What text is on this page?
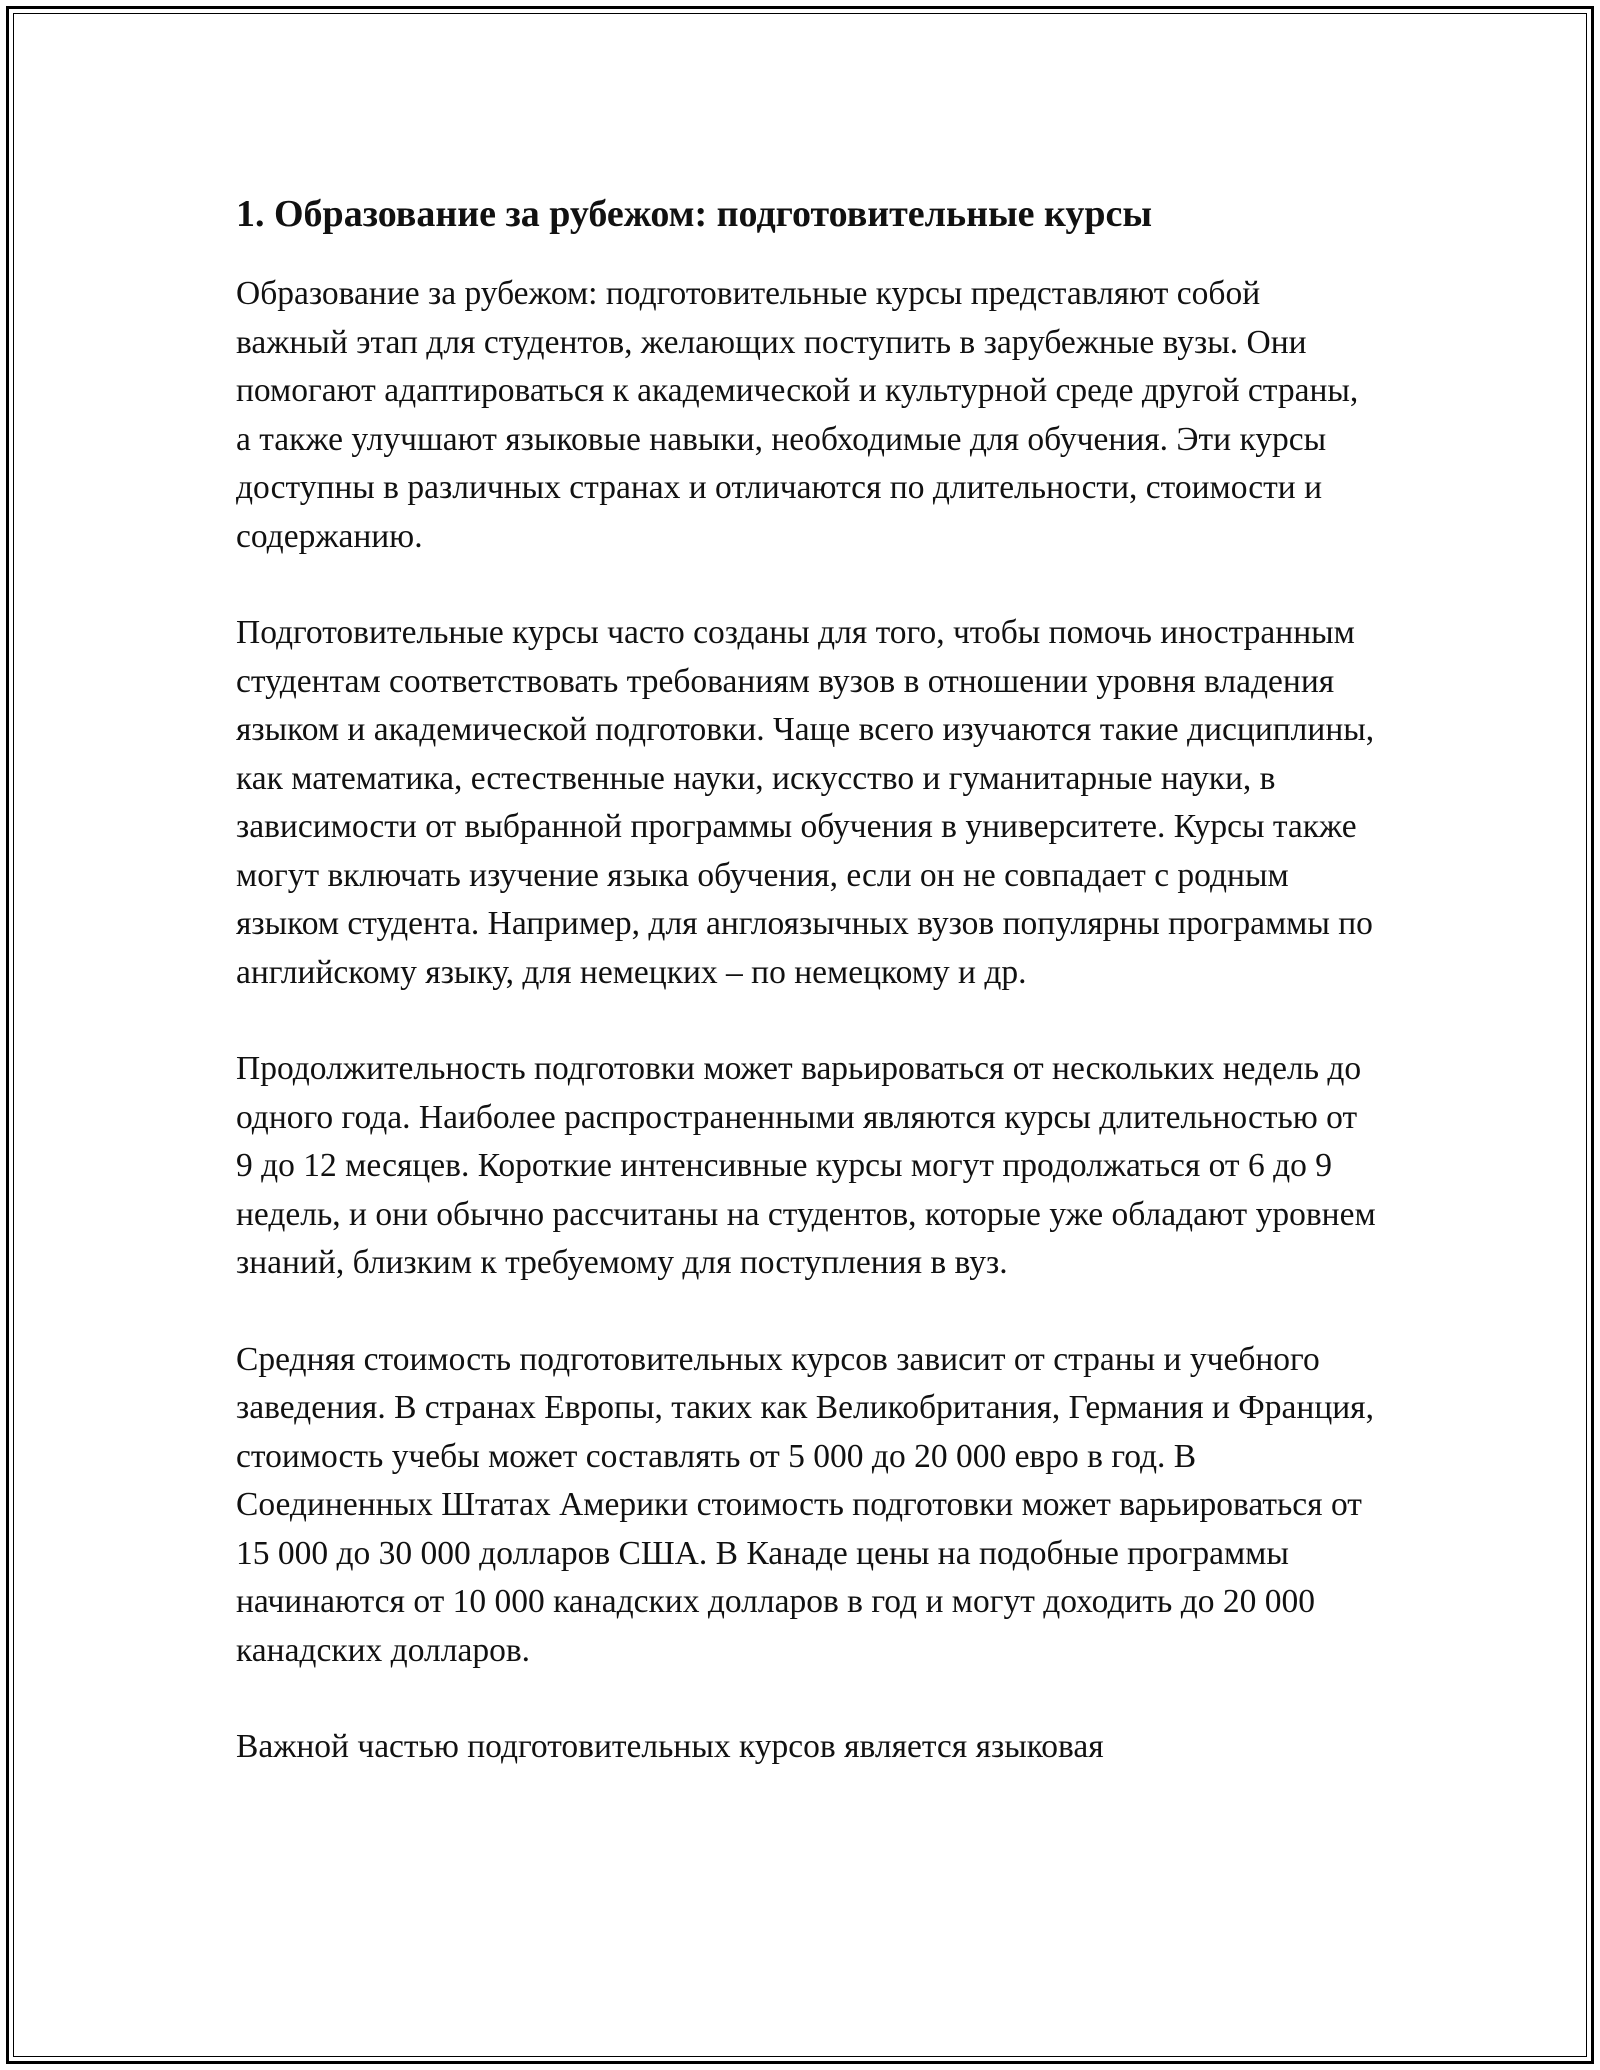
1. Образование за рубежом: подготовительные курсы

Образование за рубежом: подготовительные курсы представляют собой важный этап для студентов, желающих поступить в зарубежные вузы. Они помогают адаптироваться к академической и культурной среде другой страны, а также улучшают языковые навыки, необходимые для обучения. Эти курсы доступны в различных странах и отличаются по длительности, стоимости и содержанию.

Подготовительные курсы часто созданы для того, чтобы помочь иностранным студентам соответствовать требованиям вузов в отношении уровня владения языком и академической подготовки. Чаще всего изучаются такие дисциплины, как математика, естественные науки, искусство и гуманитарные науки, в зависимости от выбранной программы обучения в университете. Курсы также могут включать изучение языка обучения, если он не совпадает с родным языком студента. Например, для англоязычных вузов популярны программы по английскому языку, для немецких – по немецкому и др.

Продолжительность подготовки может варьироваться от нескольких недель до одного года. Наиболее распространенными являются курсы длительностью от 9 до 12 месяцев. Короткие интенсивные курсы могут продолжаться от 6 до 9 недель, и они обычно рассчитаны на студентов, которые уже обладают уровнем знаний, близким к требуемому для поступления в вуз.

Средняя стоимость подготовительных курсов зависит от страны и учебного заведения. В странах Европы, таких как Великобритания, Германия и Франция, стоимость учебы может составлять от 5 000 до 20 000 евро в год. В Соединенных Штатах Америки стоимость подготовки может варьироваться от 15 000 до 30 000 долларов США. В Канаде цены на подобные программы начинаются от 10 000 канадских долларов в год и могут доходить до 20 000 канадских долларов.

Важной частью подготовительных курсов является языковая
